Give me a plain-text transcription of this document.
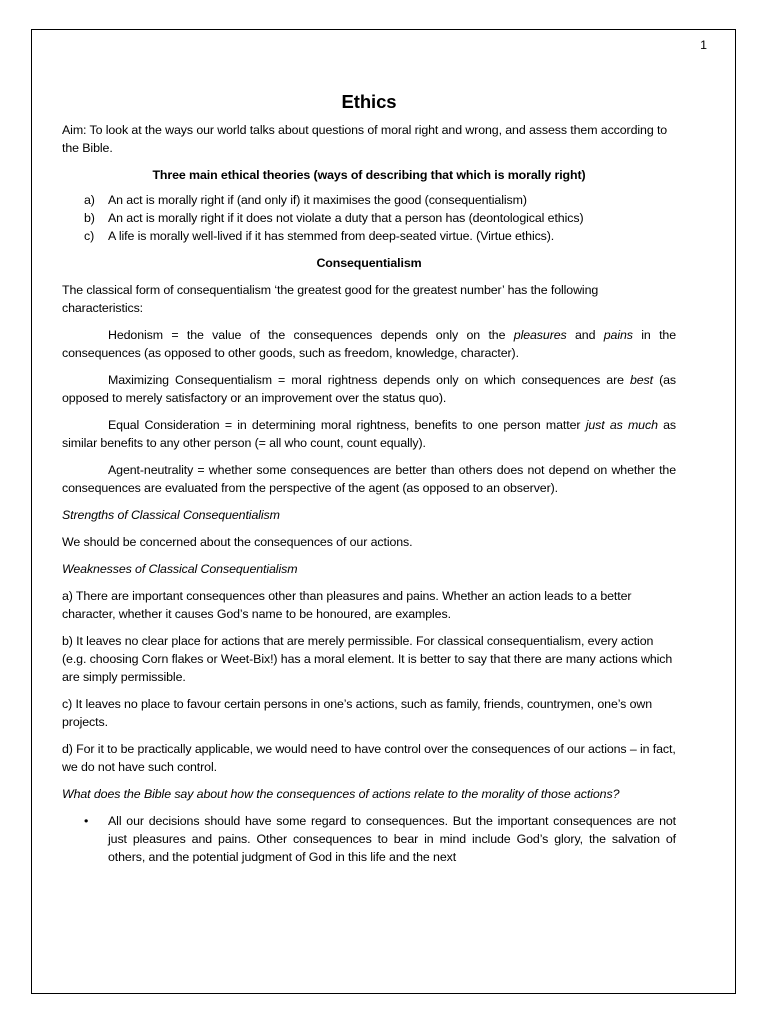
1
Ethics

Aim: To look at the ways our world talks about questions of moral right and wrong, and assess them according to the Bible.

Three main ethical theories (ways of describing that which is morally right)
a)	An act is morally right if (and only if) it maximises the good (consequentialism)
b)	An act is morally right if it does not violate a duty that a person has (deontological ethics)
c)	A life is morally well-lived if it has stemmed from deep-seated virtue. (Virtue ethics).
Consequentialism

The classical form of consequentialism ‘the greatest good for the greatest number’ has the following characteristics:

Hedonism = the value of the consequences depends only on the pleasures and pains in the consequences (as opposed to other goods, such as freedom, knowledge, character).

Maximizing Consequentialism = moral rightness depends only on which consequences are best (as opposed to merely satisfactory or an improvement over the status quo).

Equal Consideration = in determining moral rightness, benefits to one person matter just as much as similar benefits to any other person (= all who count, count equally).

Agent-neutrality = whether some consequences are better than others does not depend on whether the consequences are evaluated from the perspective of the agent (as opposed to an observer).

Strengths of Classical Consequentialism

We should be concerned about the consequences of our actions.

Weaknesses of Classical Consequentialism

a) There are important consequences other than pleasures and pains. Whether an action leads to a better character, whether it causes God’s name to be honoured, are examples.

b) It leaves no clear place for actions that are merely permissible. For classical consequentialism, every action (e.g. choosing Corn flakes or Weet-Bix!) has a moral element. It is better to say that there are many actions which are simply permissible.

c) It leaves no place to favour certain persons in one’s actions, such as family, friends, countrymen, one’s own projects.

d) For it to be practically applicable, we would need to have control over the consequences of our actions – in fact, we do not have such control.

What does the Bible say about how the consequences of actions relate to the morality of those actions?

•	All our decisions should have some regard to consequences. But the important consequences are not just pleasures and pains. Other consequences to bear in mind include God’s glory, the salvation of others, and the potential judgment of God in this life and the next
